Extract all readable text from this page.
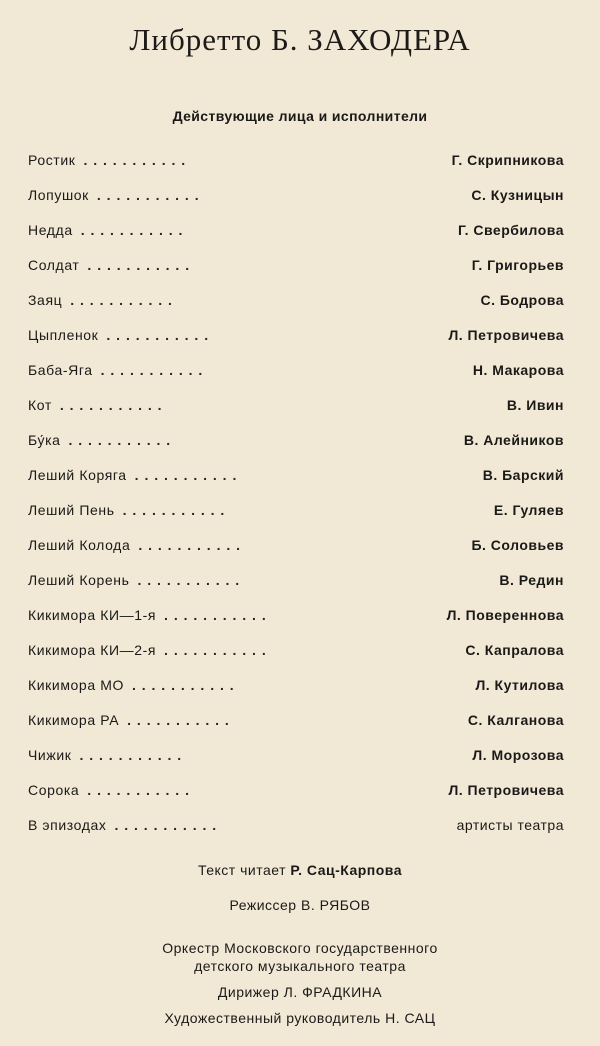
Либретто Б. ЗАХОДЕРА
Действующие лица и исполнители
Ростик .	Г. Скрипникова
Лопушок .	С. Кузницын
Недда .	Г. Свербилова
Солдат .	Г. Григорьев
Заяц .	С. Бодрова
Цыпленок .	Л. Петровичева
Баба-Яга .	Н. Макарова
Кот .	В. Ивин
Бу́ка .	В. Алейников
Леший Коряга .	В. Барский
Леший Пень .	Е. Гуляев
Леший Колода .	Б. Соловьев
Леший Корень .	В. Редин
Кикимора КИ—1-я .	Л. Повереннова
Кикимора КИ—2-я .	С. Капралова
Кикимора МО .	Л. Кутилова
Кикимора РА .	С. Калганова
Чижик .	Л. Морозова
Сорока .	Л. Петровичева
В эпизодах .	артисты театра
Текст читает Р. Сац-Карпова
Режиссер В. РЯБОВ
Оркестр Московского государственного
детского музыкального театра
Дирижер Л. ФРАДКИНА
Художественный руководитель Н. САЦ
